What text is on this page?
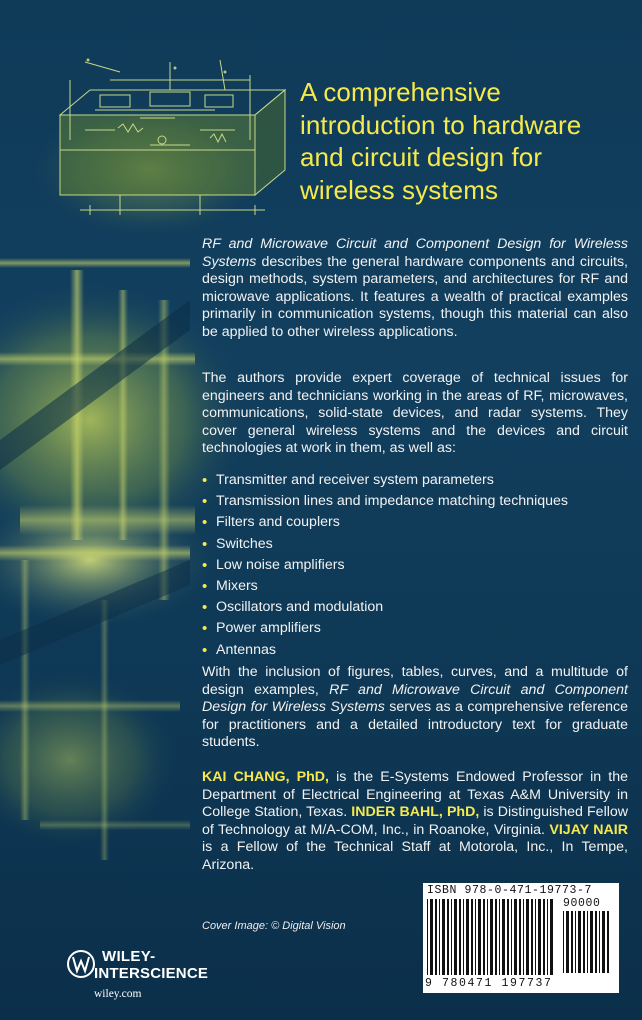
A comprehensive introduction to hardware and circuit design for wireless systems

RF and Microwave Circuit and Component Design for Wireless Systems describes the general hardware components and circuits, design methods, system parameters, and architectures for RF and microwave applications. It features a wealth of practical examples primarily in communication systems, though this material can also be applied to other wireless applications.

The authors provide expert coverage of technical issues for engineers and technicians working in the areas of RF, microwaves, communications, solid-state devices, and radar systems. They cover general wireless systems and the devices and circuit technologies at work in them, as well as:

• Transmitter and receiver system parameters
• Transmission lines and impedance matching techniques
• Filters and couplers
• Switches
• Low noise amplifiers
• Mixers
• Oscillators and modulation
• Power amplifiers
• Antennas

With the inclusion of figures, tables, curves, and a multitude of design examples, RF and Microwave Circuit and Component Design for Wireless Systems serves as a comprehensive reference for practitioners and a detailed introductory text for graduate students.

KAI CHANG, PhD, is the E-Systems Endowed Professor in the Department of Electrical Engineering at Texas A&M University in College Station, Texas. INDER BAHL, PhD, is Distinguished Fellow of Technology at M/A-COM, Inc., in Roanoke, Virginia. VIJAY NAIR is a Fellow of the Technical Staff at Motorola, Inc., In Tempe, Arizona.

ISBN 978-0-471-19773-7
90000
9 780471 197737
Cover Image: © Digital Vision
WILEY-
INTERSCIENCE
wiley.com
